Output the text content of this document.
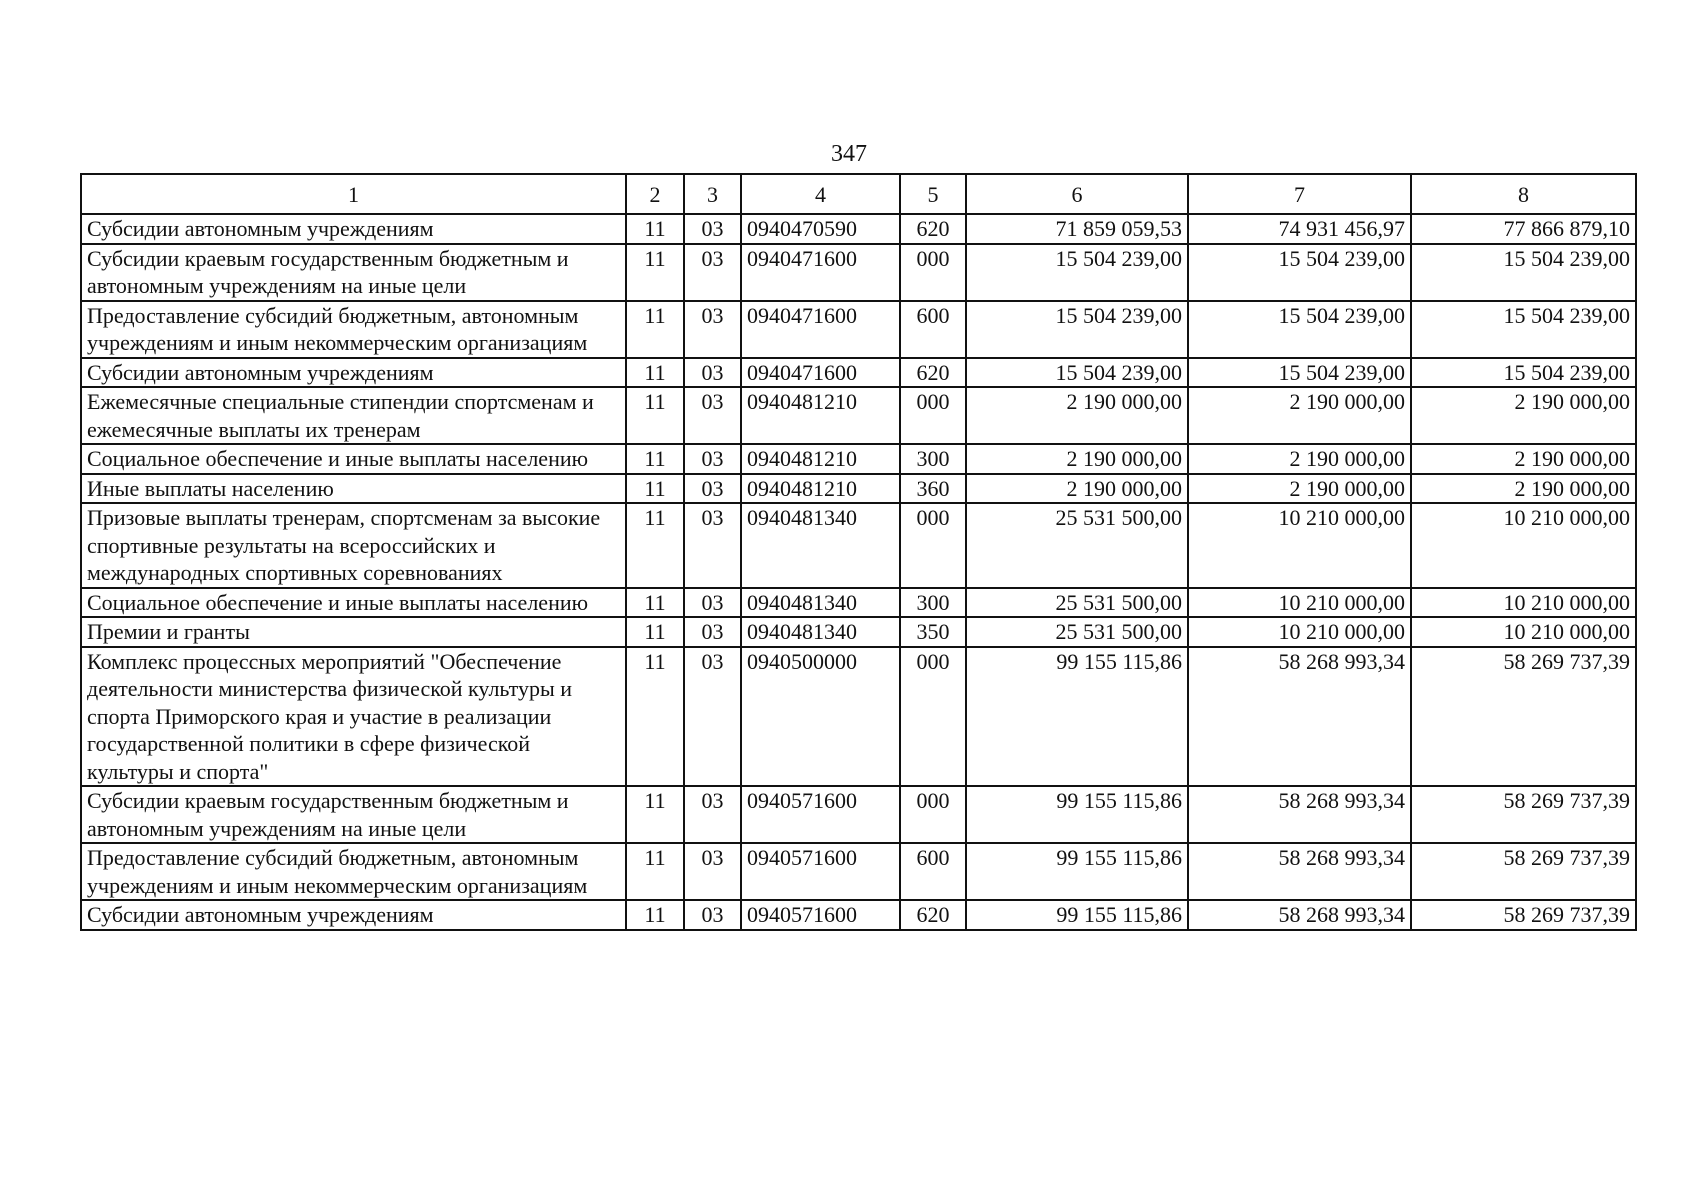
347
1	2	3	4	5	6	7	8
Субсидии автономным учреждениям	11	03	0940470590	620	71 859 059,53	74 931 456,97	77 866 879,10
Субсидии краевым государственным бюджетным и автономным учреждениям на иные цели	11	03	0940471600	000	15 504 239,00	15 504 239,00	15 504 239,00
Предоставление субсидий бюджетным, автономным учреждениям и иным некоммерческим организациям	11	03	0940471600	600	15 504 239,00	15 504 239,00	15 504 239,00
Субсидии автономным учреждениям	11	03	0940471600	620	15 504 239,00	15 504 239,00	15 504 239,00
Ежемесячные специальные стипендии спортсменам и ежемесячные выплаты их тренерам	11	03	0940481210	000	2 190 000,00	2 190 000,00	2 190 000,00
Социальное обеспечение и иные выплаты населению	11	03	0940481210	300	2 190 000,00	2 190 000,00	2 190 000,00
Иные выплаты населению	11	03	0940481210	360	2 190 000,00	2 190 000,00	2 190 000,00
Призовые выплаты тренерам, спортсменам за высокие спортивные результаты на всероссийских и международных спортивных соревнованиях	11	03	0940481340	000	25 531 500,00	10 210 000,00	10 210 000,00
Социальное обеспечение и иные выплаты населению	11	03	0940481340	300	25 531 500,00	10 210 000,00	10 210 000,00
Премии и гранты	11	03	0940481340	350	25 531 500,00	10 210 000,00	10 210 000,00
Комплекс процессных мероприятий "Обеспечение деятельности министерства физической культуры и спорта Приморского края и участие в реализации государственной политики в сфере физической культуры и спорта"	11	03	0940500000	000	99 155 115,86	58 268 993,34	58 269 737,39
Субсидии краевым государственным бюджетным и автономным учреждениям на иные цели	11	03	0940571600	000	99 155 115,86	58 268 993,34	58 269 737,39
Предоставление субсидий бюджетным, автономным учреждениям и иным некоммерческим организациям	11	03	0940571600	600	99 155 115,86	58 268 993,34	58 269 737,39
Субсидии автономным учреждениям	11	03	0940571600	620	99 155 115,86	58 268 993,34	58 269 737,39
